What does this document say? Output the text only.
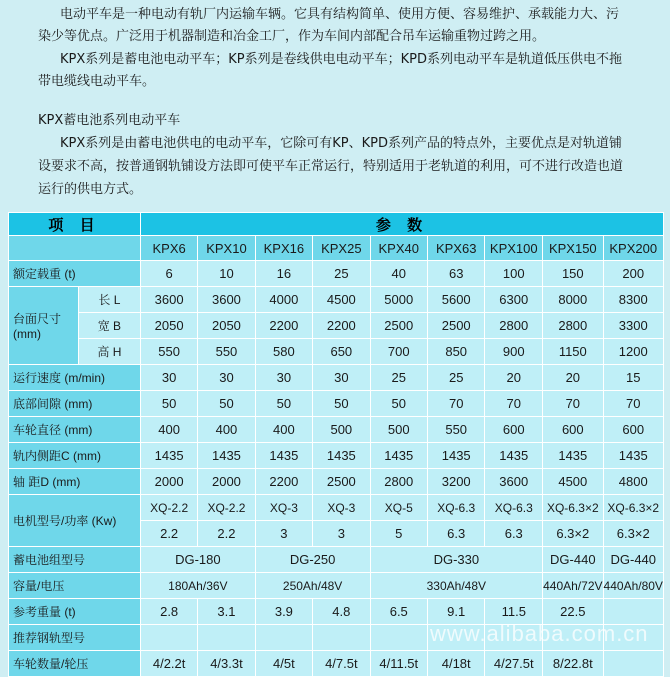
电动平车是一种电动有轨厂内运输车辆。它具有结构简单、使用方便、容易维护、承载能力大、污
染少等优点。广泛用于机器制造和冶金工厂，作为车间内部配合吊车运输重物过跨之用。
KPX系列是蓄电池电动平车；KP系列是卷线供电电动平车；KPD系列电动平车是轨道低压供电不拖
带电缆线电动平车。
KPX蓄电池系列电动平车
KPX系列是由蓄电池供电的电动平车，它除可有KP、KPD系列产品的特点外，主要优点是对轨道铺
设要求不高，按普通钢轨铺设方法即可使平车正常运行，特别适用于老轨道的利用，可不进行改造也道
运行的供电方式。
项 目		参 数								
		KPX6	KPX10	KPX16	KPX25	KPX40	KPX63	KPX100	KPX150	KPX200
额定载重 (t)		6	10	16	25	40	63	100	150	200
台面尺寸
(mm)	长 L	3600	3600	4000	4500	5000	5600	6300	8000	8300
	宽 B	2050	2050	2200	2200	2500	2500	2800	2800	3300
	高 H	550	550	580	650	700	850	900	1150	1200
运行速度 (m/min)		30	30	30	30	25	25	20	20	15
底部间隙 (mm)		50	50	50	50	50	70	70	70	70
车轮直径 (mm)		400	400	400	500	500	550	600	600	600
轨内侧距C (mm)		1435	1435	1435	1435	1435	1435	1435	1435	1435
轴 距D (mm)		2000	2000	2200	2500	2800	3200	3600	4500	4800
电机型号/功率 (Kw)		XQ-2.2	XQ-2.2	XQ-3	XQ-3	XQ-5	XQ-6.3	XQ-6.3	XQ-6.3×2	XQ-6.3×2
		2.2	2.2	3	3	5	6.3	6.3	6.3×2	6.3×2
蓄电池组型号		DG-180		DG-250		DG-330			DG-440	DG-440
容量/电压		180Ah/36V		250Ah/48V		330Ah/48V			440Ah/72V	440Ah/80V
参考重量 (t)		2.8	3.1	3.9	4.8	6.5	9.1	11.5	22.5	
推荐钢轨型号										
车轮数量/轮压		4/2.2t	4/3.3t	4/5t	4/7.5t	4/11.5t	4/18t	4/27.5t	8/22.8t	
www.alibaba.com.cn
